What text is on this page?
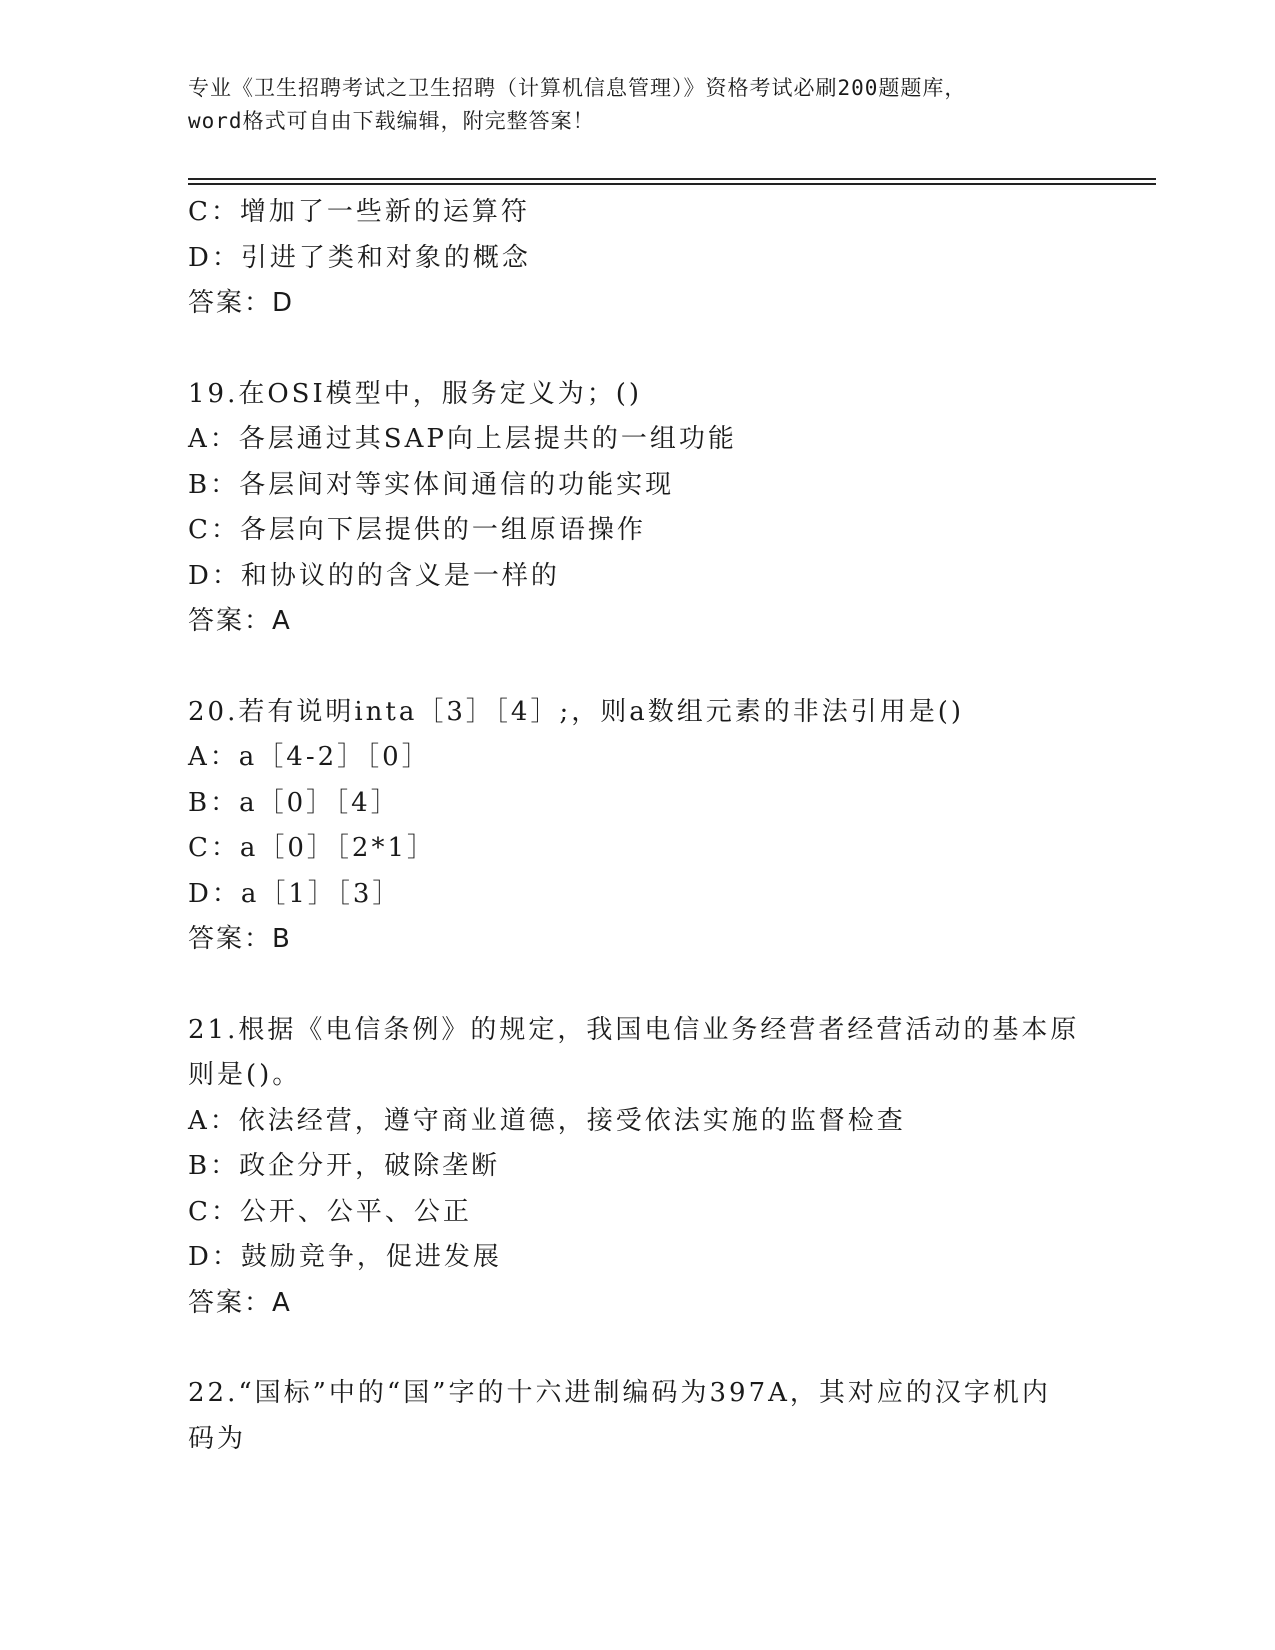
专业《卫生招聘考试之卫生招聘（计算机信息管理）》资格考试必刷200题题库，
word格式可自由下载编辑，附完整答案！
C：增加了一些新的运算符
D：引进了类和对象的概念
答案：D
19.在OSI模型中，服务定义为；()
A：各层通过其SAP向上层提共的一组功能
B：各层间对等实体间通信的功能实现
C：各层向下层提供的一组原语操作
D：和协议的的含义是一样的
答案：A
20.若有说明inta［3］［4］;，则a数组元素的非法引用是()
A：a［4-2］［0］
B：a［0］［4］
C：a［0］［2*1］
D：a［1］［3］
答案：B
21.根据《电信条例》的规定，我国电信业务经营者经营活动的基本原
则是()。
A：依法经营，遵守商业道德，接受依法实施的监督检查
B：政企分开，破除垄断
C：公开、公平、公正
D：鼓励竞争，促进发展
答案：A
22.“国标”中的“国”字的十六进制编码为397A，其对应的汉字机内
码为
